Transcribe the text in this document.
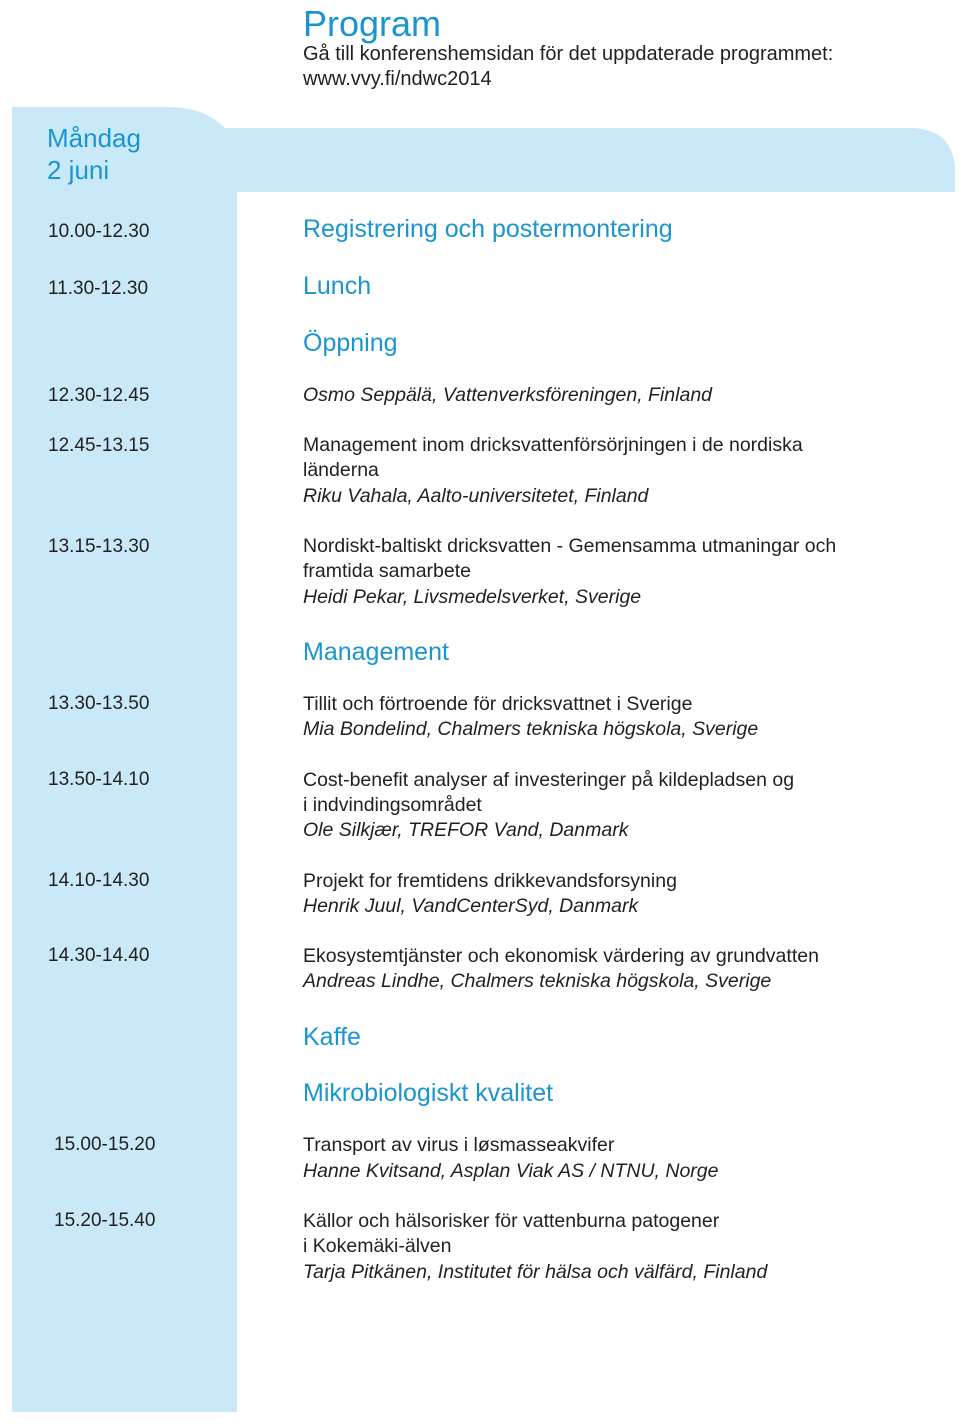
Program
Gå till konferenshemsidan för det uppdaterade programmet:
www.vvy.fi/ndwc2014
Måndag
2 juni
10.00-12.30
11.30-12.30
12.30-12.45
12.45-13.15
13.15-13.30
13.30-13.50
13.50-14.10
14.10-14.30
14.30-14.40
15.00-15.20
15.20-15.40
Registrering och postermontering
Lunch
Öppning
Management
Kaffe
Mikrobiologiskt kvalitet
Osmo Seppälä, Vattenverksföreningen, Finland
Management inom dricksvattenförsörjningen i de nordiska
länderna
Riku Vahala, Aalto-universitetet, Finland
Nordiskt-baltiskt dricksvatten - Gemensamma utmaningar och
framtida samarbete
Heidi Pekar, Livsmedelsverket, Sverige
Tillit och förtroende för dricksvattnet i Sverige
Mia Bondelind, Chalmers tekniska högskola, Sverige
Cost-benefit analyser af investeringer på kildepladsen og
i indvindingsområdet
Ole Silkjær, TREFOR Vand, Danmark
Projekt for fremtidens drikkevandsforsyning
Henrik Juul, VandCenterSyd, Danmark
Ekosystemtjänster och ekonomisk värdering av grundvatten
Andreas Lindhe, Chalmers tekniska högskola, Sverige
Transport av virus i løsmasseakvifer
Hanne Kvitsand, Asplan Viak AS / NTNU, Norge
Källor och hälsorisker för vattenburna patogener
i Kokemäki-älven
Tarja Pitkänen, Institutet för hälsa och välfärd, Finland
